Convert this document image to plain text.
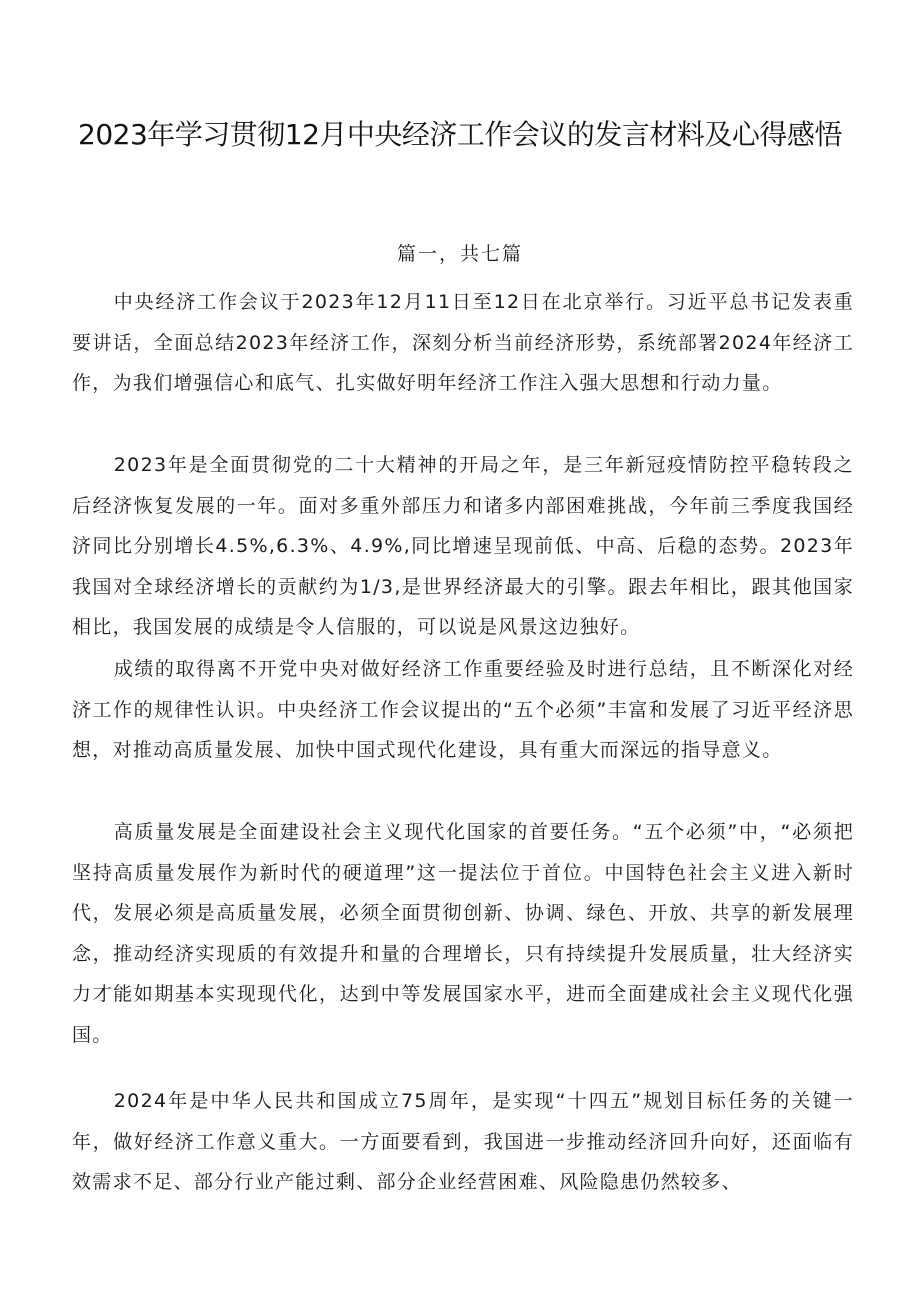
2023年学习贯彻12月中央经济工作会议的发言材料及心得感悟

篇一，共七篇

中央经济工作会议于2023年12月11日至12日在北京举行。习近平总书记发表重要讲话，全面总结2023年经济工作，深刻分析当前经济形势，系统部署2024年经济工作，为我们增强信心和底气、扎实做好明年经济工作注入强大思想和行动力量。

2023年是全面贯彻党的二十大精神的开局之年，是三年新冠疫情防控平稳转段之后经济恢复发展的一年。面对多重外部压力和诸多内部困难挑战，今年前三季度我国经济同比分别增长4.5%,6.3%、4.9%,同比增速呈现前低、中高、后稳的态势。2023年我国对全球经济增长的贡献约为1/3,是世界经济最大的引擎。跟去年相比，跟其他国家相比，我国发展的成绩是令人信服的，可以说是风景这边独好。

成绩的取得离不开党中央对做好经济工作重要经验及时进行总结，且不断深化对经济工作的规律性认识。中央经济工作会议提出的“五个必须”丰富和发展了习近平经济思想，对推动高质量发展、加快中国式现代化建设，具有重大而深远的指导意义。

高质量发展是全面建设社会主义现代化国家的首要任务。“五个必须”中，“必须把坚持高质量发展作为新时代的硬道理”这一提法位于首位。中国特色社会主义进入新时代，发展必须是高质量发展，必须全面贯彻创新、协调、绿色、开放、共享的新发展理念，推动经济实现质的有效提升和量的合理增长，只有持续提升发展质量，壮大经济实力才能如期基本实现现代化，达到中等发展国家水平，进而全面建成社会主义现代化强国。

2024年是中华人民共和国成立75周年，是实现“十四五”规划目标任务的关键一年，做好经济工作意义重大。一方面要看到，我国进一步推动经济回升向好，还面临有效需求不足、部分行业产能过剩、部分企业经营困难、风险隐患仍然较多、
